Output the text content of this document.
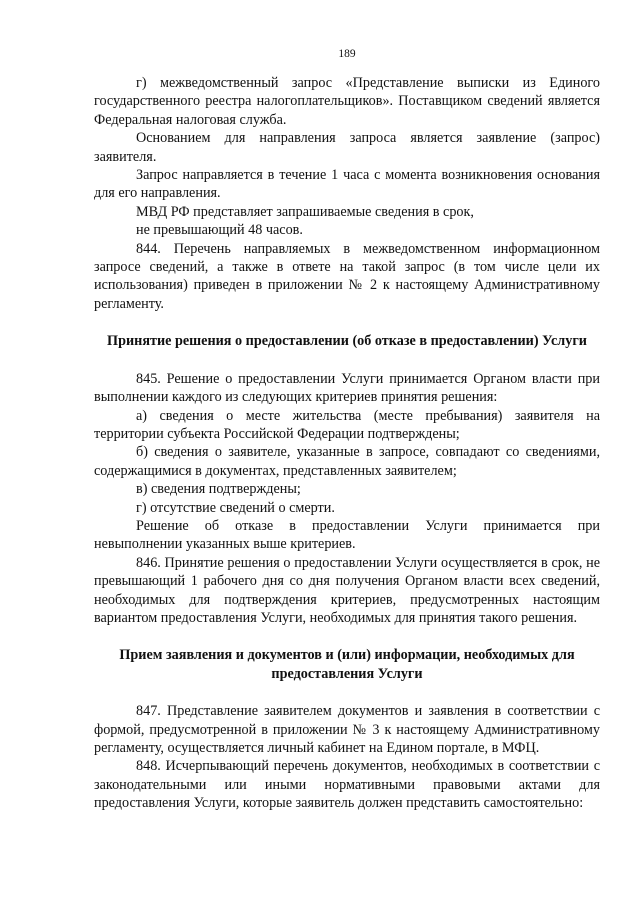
189

г) межведомственный запрос «Представление выписки из Единого государственного реестра налогоплательщиков». Поставщиком сведений является Федеральная налоговая служба.

Основанием для направления запроса является заявление (запрос) заявителя.

Запрос направляется в течение 1 часа с момента возникновения основания для его направления.

МВД РФ представляет запрашиваемые сведения в срок,

не превышающий 48 часов.

844. Перечень направляемых в межведомственном информационном запросе сведений, а также в ответе на такой запрос (в том числе цели их использования) приведен в приложении № 2 к настоящему Административному регламенту.

Принятие решения о предоставлении (об отказе в предоставлении) Услуги

845. Решение о предоставлении Услуги принимается Органом власти при выполнении каждого из следующих критериев принятия решения:

а) сведения о месте жительства (месте пребывания) заявителя на территории субъекта Российской Федерации подтверждены;

б) сведения о заявителе, указанные в запросе, совпадают со сведениями, содержащимися в документах, представленных заявителем;

в) сведения подтверждены;

г) отсутствие сведений о смерти.

Решение об отказе в предоставлении Услуги принимается при невыполнении указанных выше критериев.

846. Принятие решения о предоставлении Услуги осуществляется в срок, не превышающий 1 рабочего дня со дня получения Органом власти всех сведений, необходимых для подтверждения критериев, предусмотренных настоящим вариантом предоставления Услуги, необходимых для принятия такого решения.

Прием заявления и документов и (или) информации, необходимых для предоставления Услуги

847. Представление заявителем документов и заявления в соответствии с формой, предусмотренной в приложении № 3 к настоящему Административному регламенту, осуществляется личный кабинет на Едином портале, в МФЦ.

848. Исчерпывающий перечень документов, необходимых в соответствии с законодательными или иными нормативными правовыми актами для предоставления Услуги, которые заявитель должен представить самостоятельно:
